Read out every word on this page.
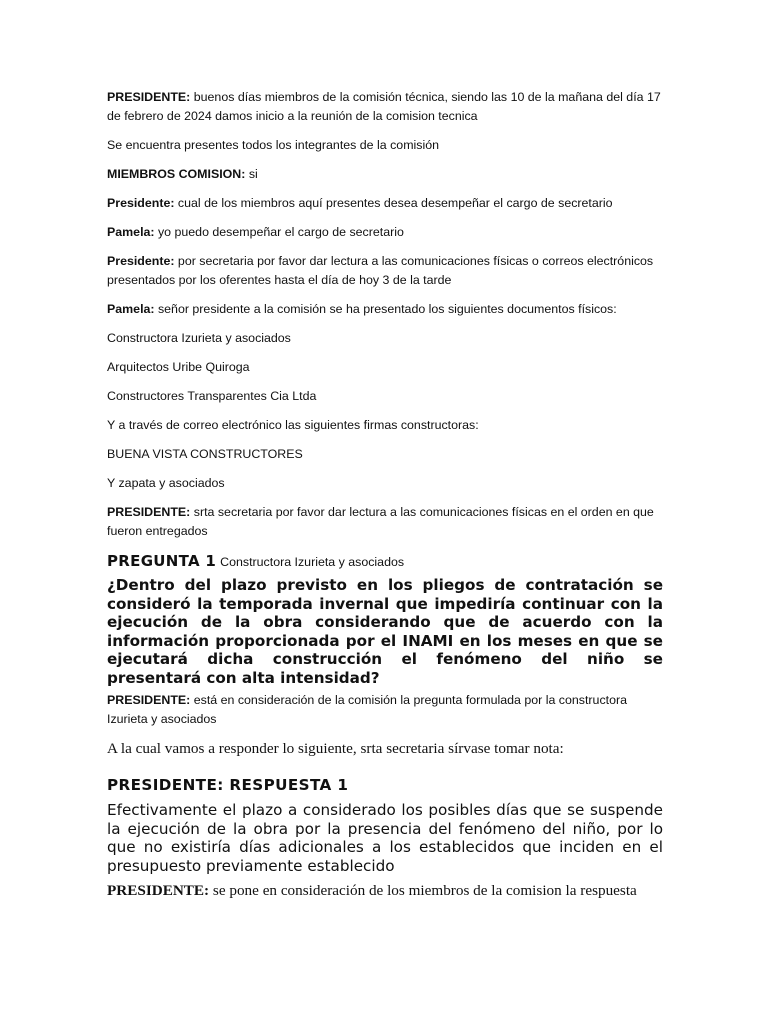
PRESIDENTE: buenos días miembros de la comisión técnica, siendo las 10 de la mañana del día 17 de febrero de 2024 damos inicio a la reunión de la comision tecnica

Se encuentra presentes todos los integrantes de la comisión

MIEMBROS COMISION: si

Presidente: cual de los miembros aquí presentes desea desempeñar el cargo de secretario

Pamela: yo puedo desempeñar el cargo de secretario

Presidente: por secretaria por favor dar lectura a las comunicaciones físicas o correos electrónicos presentados por los oferentes hasta el día de hoy 3 de la tarde

Pamela: señor presidente a la comisión se ha presentado los siguientes documentos físicos:

Constructora Izurieta y asociados

Arquitectos Uribe Quiroga

Constructores Transparentes Cia Ltda

Y a través de correo electrónico las siguientes firmas constructoras:

BUENA VISTA CONSTRUCTORES

Y zapata y asociados

PRESIDENTE: srta secretaria por favor dar lectura a las comunicaciones físicas en el orden en que fueron entregados

PREGUNTA 1 Constructora Izurieta y asociados

¿Dentro del plazo previsto en los pliegos de contratación se consideró la temporada invernal que impediría continuar con la ejecución de la obra considerando que de acuerdo con la información proporcionada por el INAMI en los meses en que se ejecutará dicha construcción el fenómeno del niño se presentará con alta intensidad?

PRESIDENTE: está en consideración de la comisión la pregunta formulada por la constructora Izurieta y asociados

A la cual vamos a responder lo siguiente, srta secretaria sírvase tomar nota:

PRESIDENTE: RESPUESTA 1

Efectivamente el plazo a considerado los posibles días que se suspende la ejecución de la obra por la presencia del fenómeno del niño, por lo que no existiría días adicionales a los establecidos que inciden en el presupuesto previamente establecido

PRESIDENTE: se pone en consideración de los miembros de la comision la respuesta
